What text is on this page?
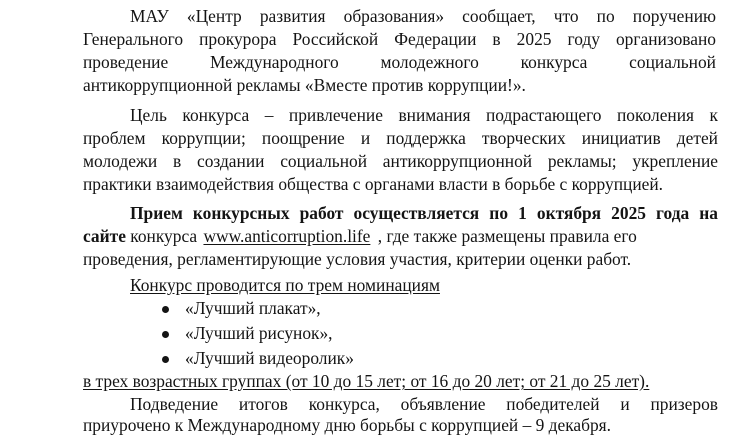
МАУ «Центр развития образования» сообщает, что по поручению
Генерального прокурора Российской Федерации в 2025 году организовано
проведение Международного молодежного конкурса социальной
антикоррупционной рекламы «Вместе против коррупции!».
Цель конкурса – привлечение внимания подрастающего поколения к
проблем коррупции; поощрение и поддержка творческих инициатив детей
молодежи в создании социальной антикоррупционной рекламы; укрепление
практики взаимодействия общества с органами власти в борьбе с коррупцией.
Прием конкурсных работ осуществляется по 1 октября 2025 года на
сайте конкурса www.anticorruption.life , где также размещены правила его
проведения, регламентирующие условия участия, критерии оценки работ.
Конкурс проводится по трем номинациям
«Лучший плакат»,
«Лучший рисунок»,
«Лучший видеоролик»
в трех возрастных группах (от 10 до 15 лет; от 16 до 20 лет; от 21 до 25 лет).
Подведение итогов конкурса, объявление победителей и призеров
приурочено к Международному дню борьбы с коррупцией – 9 декабря.
